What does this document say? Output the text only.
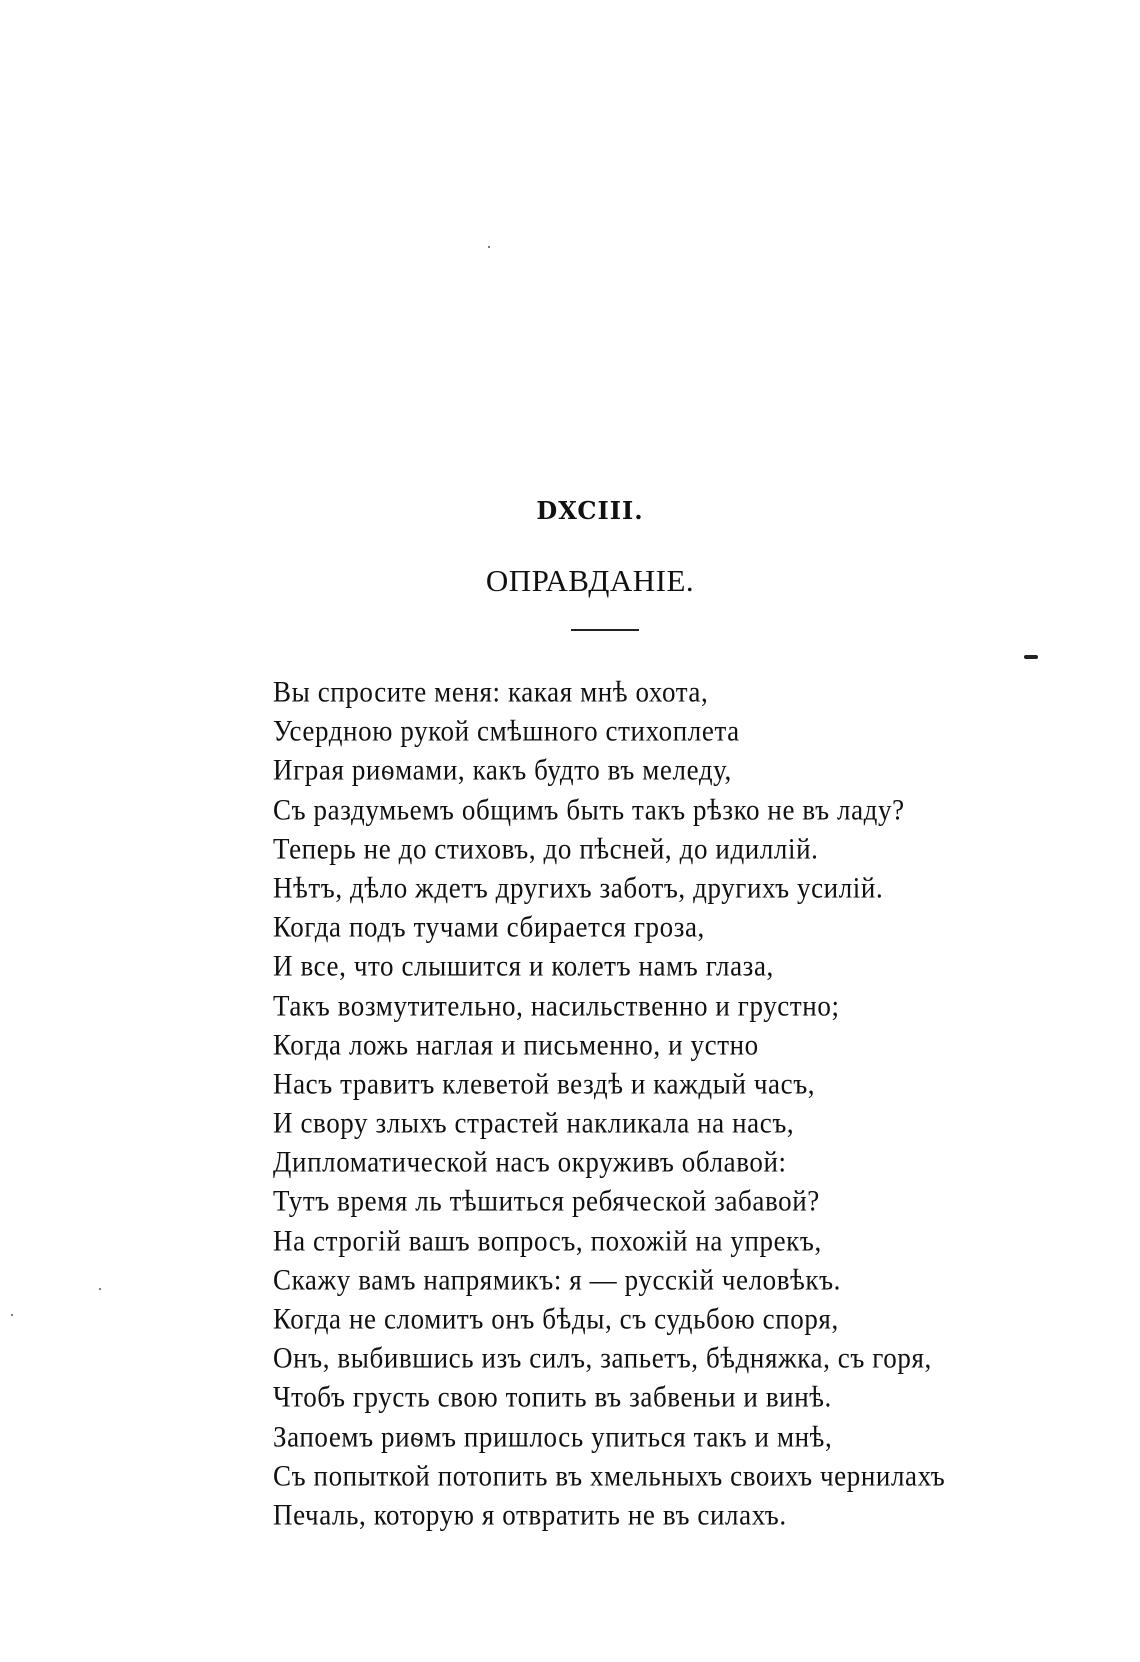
DXCIII.
ОПРАВДАНІЕ.
Вы спросите меня: какая мнѣ охота,
Усердною рукой смѣшного стихоплета
Играя риѳмами, какъ будто въ меледу,
Съ раздумьемъ общимъ быть такъ рѣзко не въ ладу?
Теперь не до стиховъ, до пѣсней, до идиллій.
Нѣтъ, дѣло ждетъ другихъ заботъ, другихъ усилій.
Когда подъ тучами сбирается гроза,
И все, что слышится и колетъ намъ глаза,
Такъ возмутительно, насильственно и грустно;
Когда ложь наглая и письменно, и устно
Насъ травитъ клеветой вездѣ и каждый часъ,
И свору злыхъ страстей накликала на насъ,
Дипломатической насъ окруживъ облавой:
Тутъ время ль тѣшиться ребяческой забавой?
На строгій вашъ вопросъ, похожій на упрекъ,
Скажу вамъ напрямикъ: я — русскій человѣкъ.
Когда не сломитъ онъ бѣды, съ судьбою споря,
Онъ, выбившись изъ силъ, запьетъ, бѣдняжка, съ горя,
Чтобъ грусть свою топить въ забвеньи и винѣ.
Запоемъ риѳмъ пришлось упиться такъ и мнѣ,
Съ попыткой потопить въ хмельныхъ своихъ чернилахъ
Печаль, которую я отвратить не въ силахъ.
